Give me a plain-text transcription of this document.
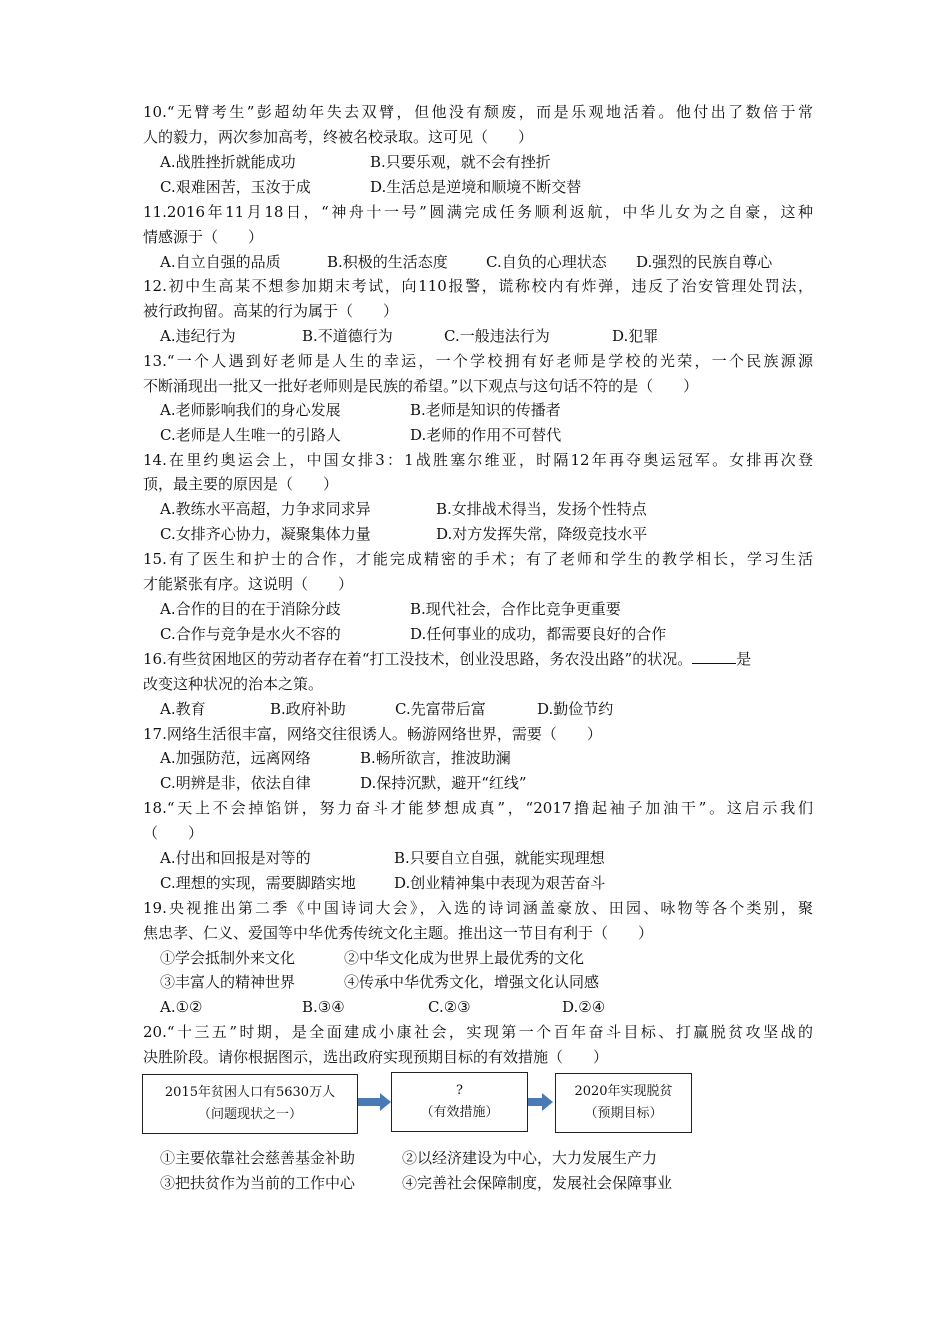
10.“无臂考生”彭超幼年失去双臂，但他没有颓废，而是乐观地活着。他付出了数倍于常
人的毅力，两次参加高考，终被名校录取。这可见（　　）
A.战胜挫折就能成功	B.只要乐观，就不会有挫折
C.艰难困苦，玉汝于成	D.生活总是逆境和顺境不断交替
11.2016年11月18日，“神舟十一号”圆满完成任务顺利返航，中华儿女为之自豪，这种
情感源于（　　）
A.自立自强的品质	B.积极的生活态度	C.自负的心理状态 D.强烈的民族自尊心
12.初中生高某不想参加期末考试，向110报警，谎称校内有炸弹，违反了治安管理处罚法，
被行政拘留。高某的行为属于（　　）
A.违纪行为	B.不道德行为	C.一般违法行为	D.犯罪
13.“一个人遇到好老师是人生的幸运，一个学校拥有好老师是学校的光荣，一个民族源源
不断涌现出一批又一批好老师则是民族的希望。”以下观点与这句话不符的是（　　）
A.老师影响我们的身心发展	B.老师是知识的传播者
C.老师是人生唯一的引路人	D.老师的作用不可替代
14.在里约奥运会上，中国女排3：1战胜塞尔维亚，时隔12年再夺奥运冠军。女排再次登
顶，最主要的原因是（　　）
A.教练水平高超，力争求同求异	B.女排战术得当，发扬个性特点
C.女排齐心协力，凝聚集体力量	D.对方发挥失常，降级竞技水平
15.有了医生和护士的合作，才能完成精密的手术；有了老师和学生的教学相长，学习生活
才能紧张有序。这说明（　　）
A.合作的目的在于消除分歧	B.现代社会，合作比竞争更重要
C.合作与竞争是水火不容的	D.任何事业的成功，都需要良好的合作
16.有些贫困地区的劳动者存在着“打工没技术，创业没思路，务农没出路”的状况。	是
改变这种状况的治本之策。
A.教育	B.政府补助	C.先富带后富	D.勤俭节约
17.网络生活很丰富，网络交往很诱人。畅游网络世界，需要（　　）
A.加强防范，远离网络	B.畅所欲言，推波助澜
C.明辨是非，依法自律	D.保持沉默，避开“红线”
18.“天上不会掉馅饼，努力奋斗才能梦想成真”，“2017撸起袖子加油干”。这启示我们
（　　）
A.付出和回报是对等的	B.只要自立自强，就能实现理想
C.理想的实现，需要脚踏实地	D.创业精神集中表现为艰苦奋斗
19.央视推出第二季《中国诗词大会》，入选的诗词涵盖豪放、田园、咏物等各个类别，聚
焦忠孝、仁义、爱国等中华优秀传统文化主题。推出这一节目有利于（　　）
①学会抵制外来文化	②中华文化成为世界上最优秀的文化
③丰富人的精神世界	④传承中华优秀文化，增强文化认同感
A.①②	B.③④	C.②③	D.②④
20.“十三五”时期，是全面建成小康社会，实现第一个百年奋斗目标、打赢脱贫攻坚战的
决胜阶段。请你根据图示，选出政府实现预期目标的有效措施（　　）
2015年贫困人口有5630万人
（问题现状之一）
?
（有效措施）
2020年实现脱贫
（预期目标）
①主要依靠社会慈善基金补助	②以经济建设为中心，大力发展生产力
③把扶贫作为当前的工作中心	④完善社会保障制度，发展社会保障事业
